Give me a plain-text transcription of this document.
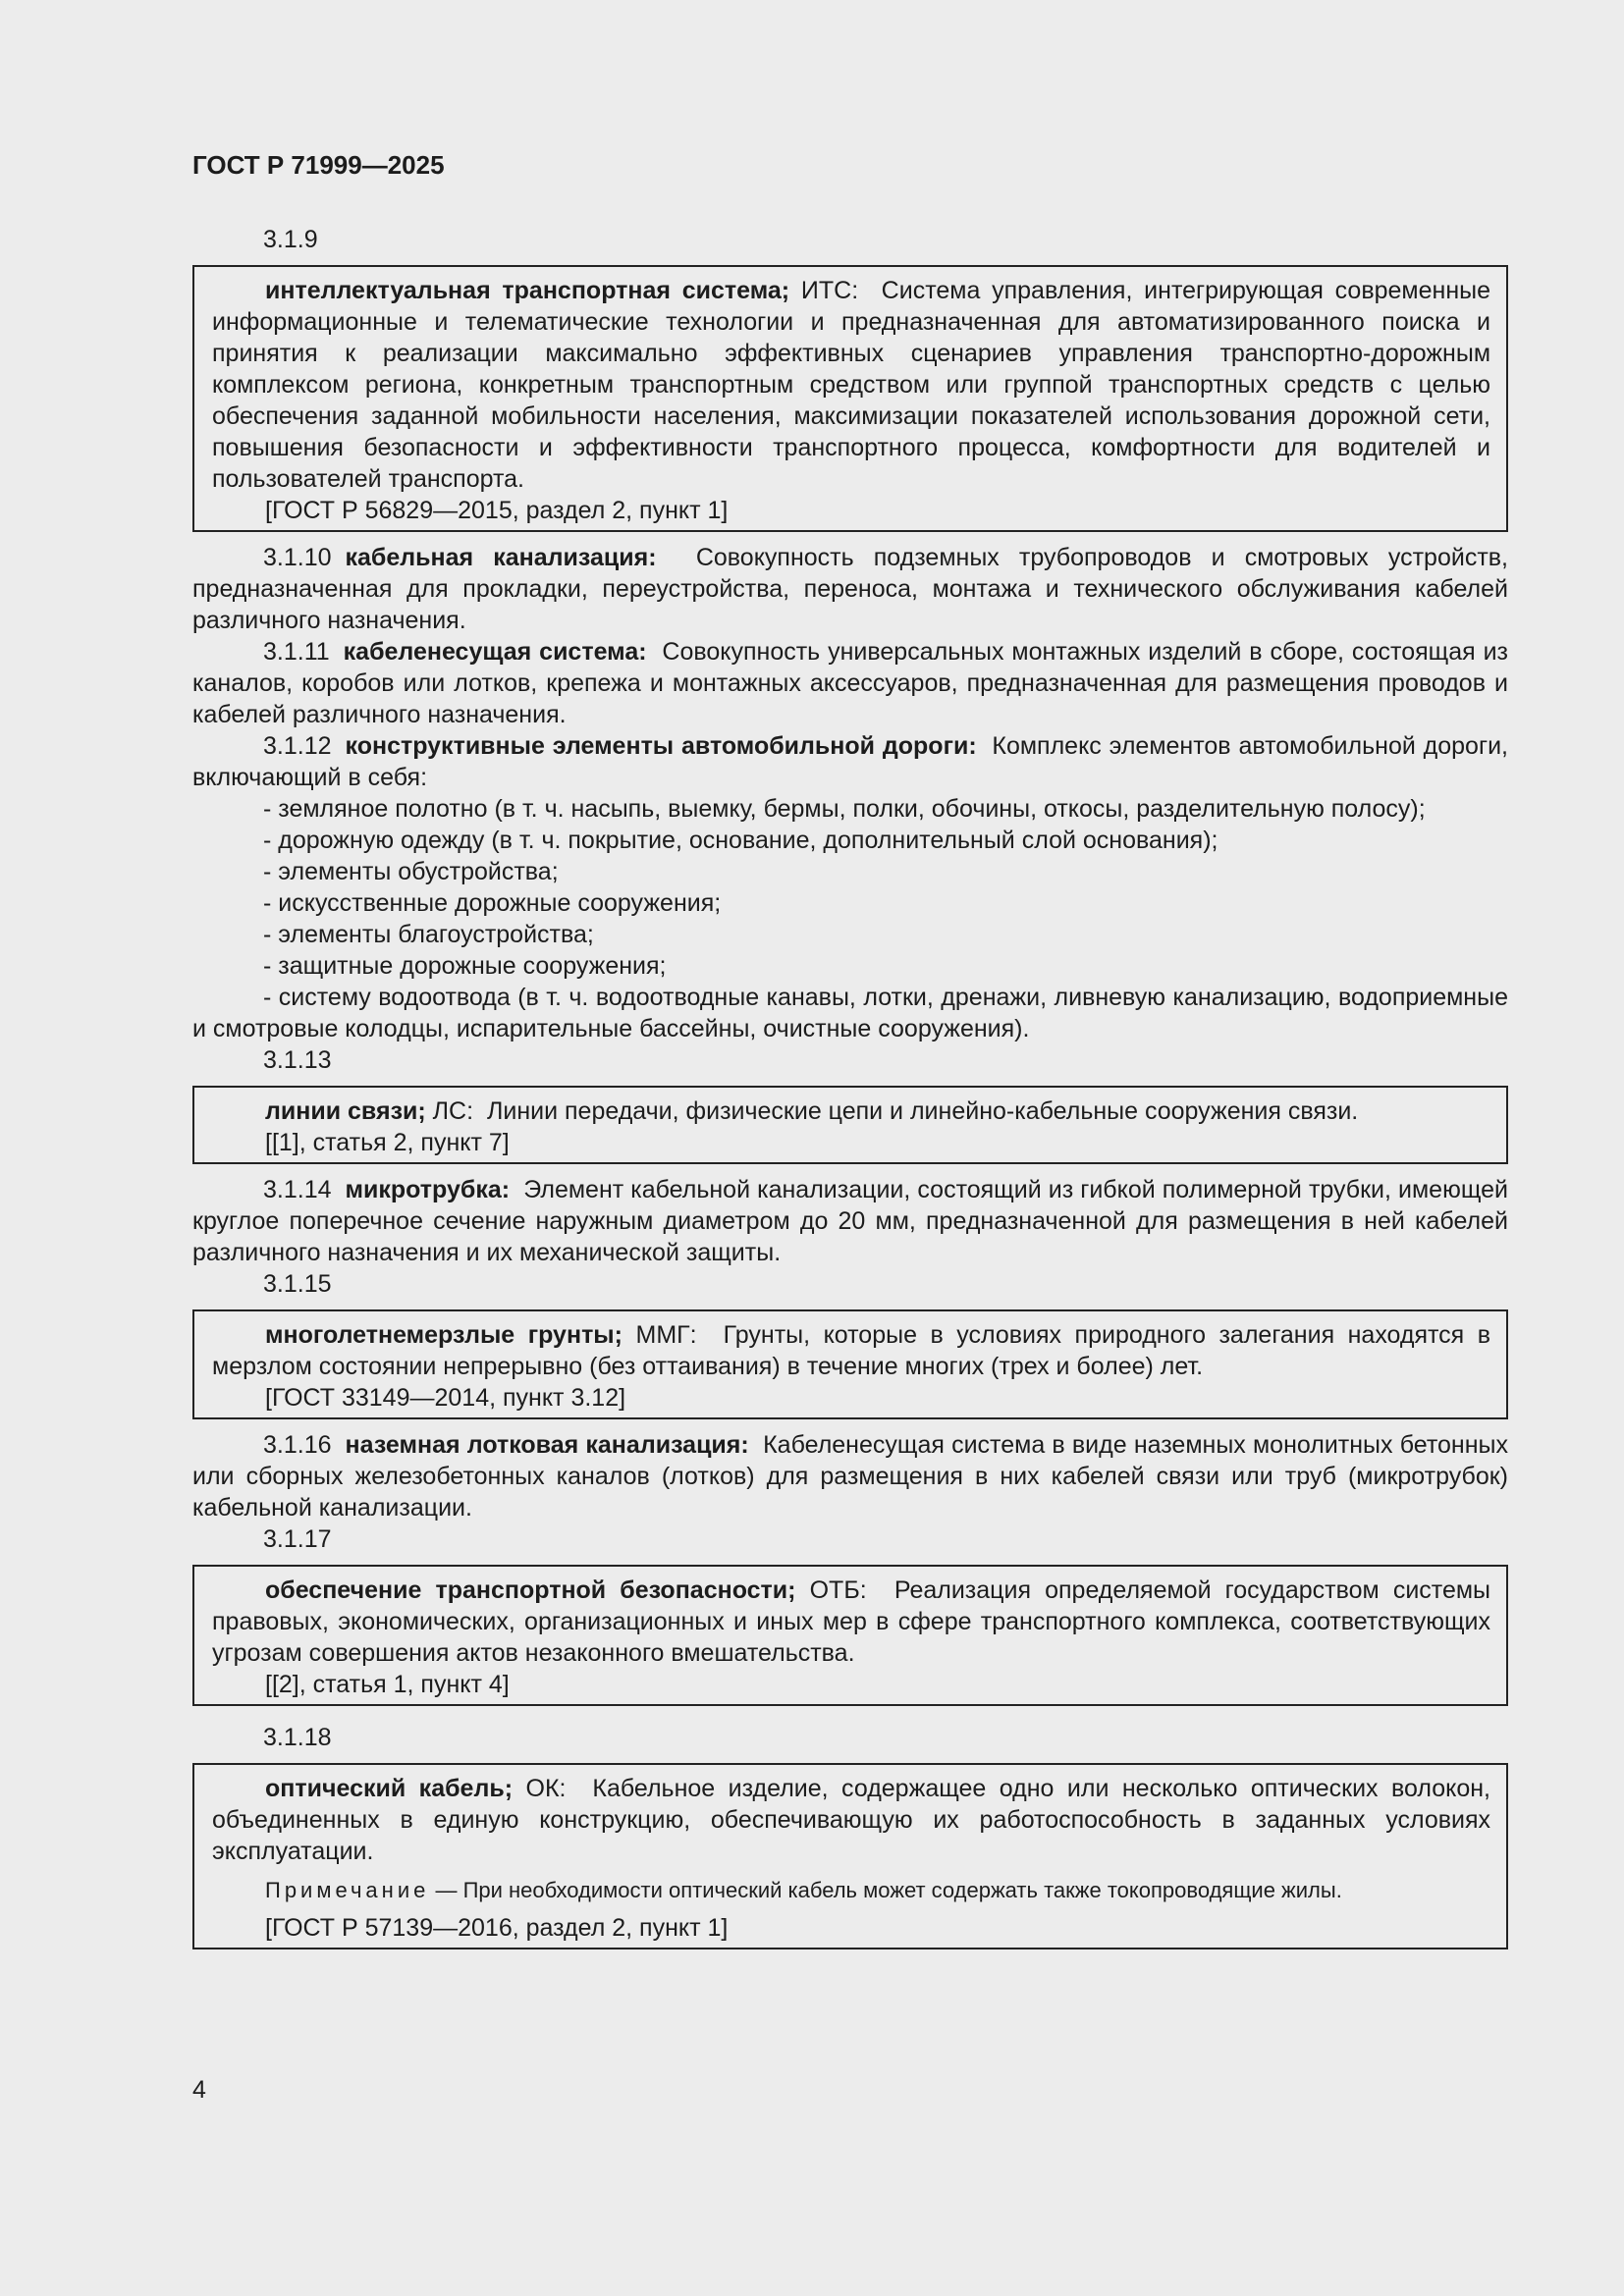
ГОСТ Р 71999—2025
3.1.9

интеллектуальная транспортная система; ИТС: Система управления, интегрирующая современные информационные и телематические технологии и предназначенная для автоматизированного поиска и принятия к реализации максимально эффективных сценариев управления транспортно-дорожным комплексом региона, конкретным транспортным средством или группой транспортных средств с целью обеспечения заданной мобильности населения, максимизации показателей использования дорожной сети, повышения безопасности и эффективности транспортного процесса, комфортности для водителей и пользователей транспорта.

[ГОСТ Р 56829—2015, раздел 2, пункт 1]

3.1.10 кабельная канализация: Совокупность подземных трубопроводов и смотровых устройств, предназначенная для прокладки, переустройства, переноса, монтажа и технического обслуживания кабелей различного назначения.

3.1.11 кабеленесущая система: Совокупность универсальных монтажных изделий в сборе, состоящая из каналов, коробов или лотков, крепежа и монтажных аксессуаров, предназначенная для размещения проводов и кабелей различного назначения.

3.1.12 конструктивные элементы автомобильной дороги: Комплекс элементов автомобильной дороги, включающий в себя:

- земляное полотно (в т. ч. насыпь, выемку, бермы, полки, обочины, откосы, разделительную полосу);

- дорожную одежду (в т. ч. покрытие, основание, дополнительный слой основания);

- элементы обустройства;

- искусственные дорожные сооружения;

- элементы благоустройства;

- защитные дорожные сооружения;

- систему водоотвода (в т. ч. водоотводные канавы, лотки, дренажи, ливневую канализацию, водоприемные и смотровые колодцы, испарительные бассейны, очистные сооружения).

3.1.13

линии связи; ЛС: Линии передачи, физические цепи и линейно-кабельные сооружения связи.

[[1], статья 2, пункт 7]

3.1.14 микротрубка: Элемент кабельной канализации, состоящий из гибкой полимерной трубки, имеющей круглое поперечное сечение наружным диаметром до 20 мм, предназначенной для размещения в ней кабелей различного назначения и их механической защиты.

3.1.15

многолетнемерзлые грунты; ММГ: Грунты, которые в условиях природного залегания находятся в мерзлом состоянии непрерывно (без оттаивания) в течение многих (трех и более) лет.

[ГОСТ 33149—2014, пункт 3.12]

3.1.16 наземная лотковая канализация: Кабеленесущая система в виде наземных монолитных бетонных или сборных железобетонных каналов (лотков) для размещения в них кабелей связи или труб (микротрубок) кабельной канализации.

3.1.17

обеспечение транспортной безопасности; ОТБ: Реализация определяемой государством системы правовых, экономических, организационных и иных мер в сфере транспортного комплекса, соответствующих угрозам совершения актов незаконного вмешательства.

[[2], статья 1, пункт 4]

3.1.18

оптический кабель; ОК: Кабельное изделие, содержащее одно или несколько оптических волокон, объединенных в единую конструкцию, обеспечивающую их работоспособность в заданных условиях эксплуатации.

Примечание — При необходимости оптический кабель может содержать также токопроводящие жилы.

[ГОСТ Р 57139—2016, раздел 2, пункт 1]

4
